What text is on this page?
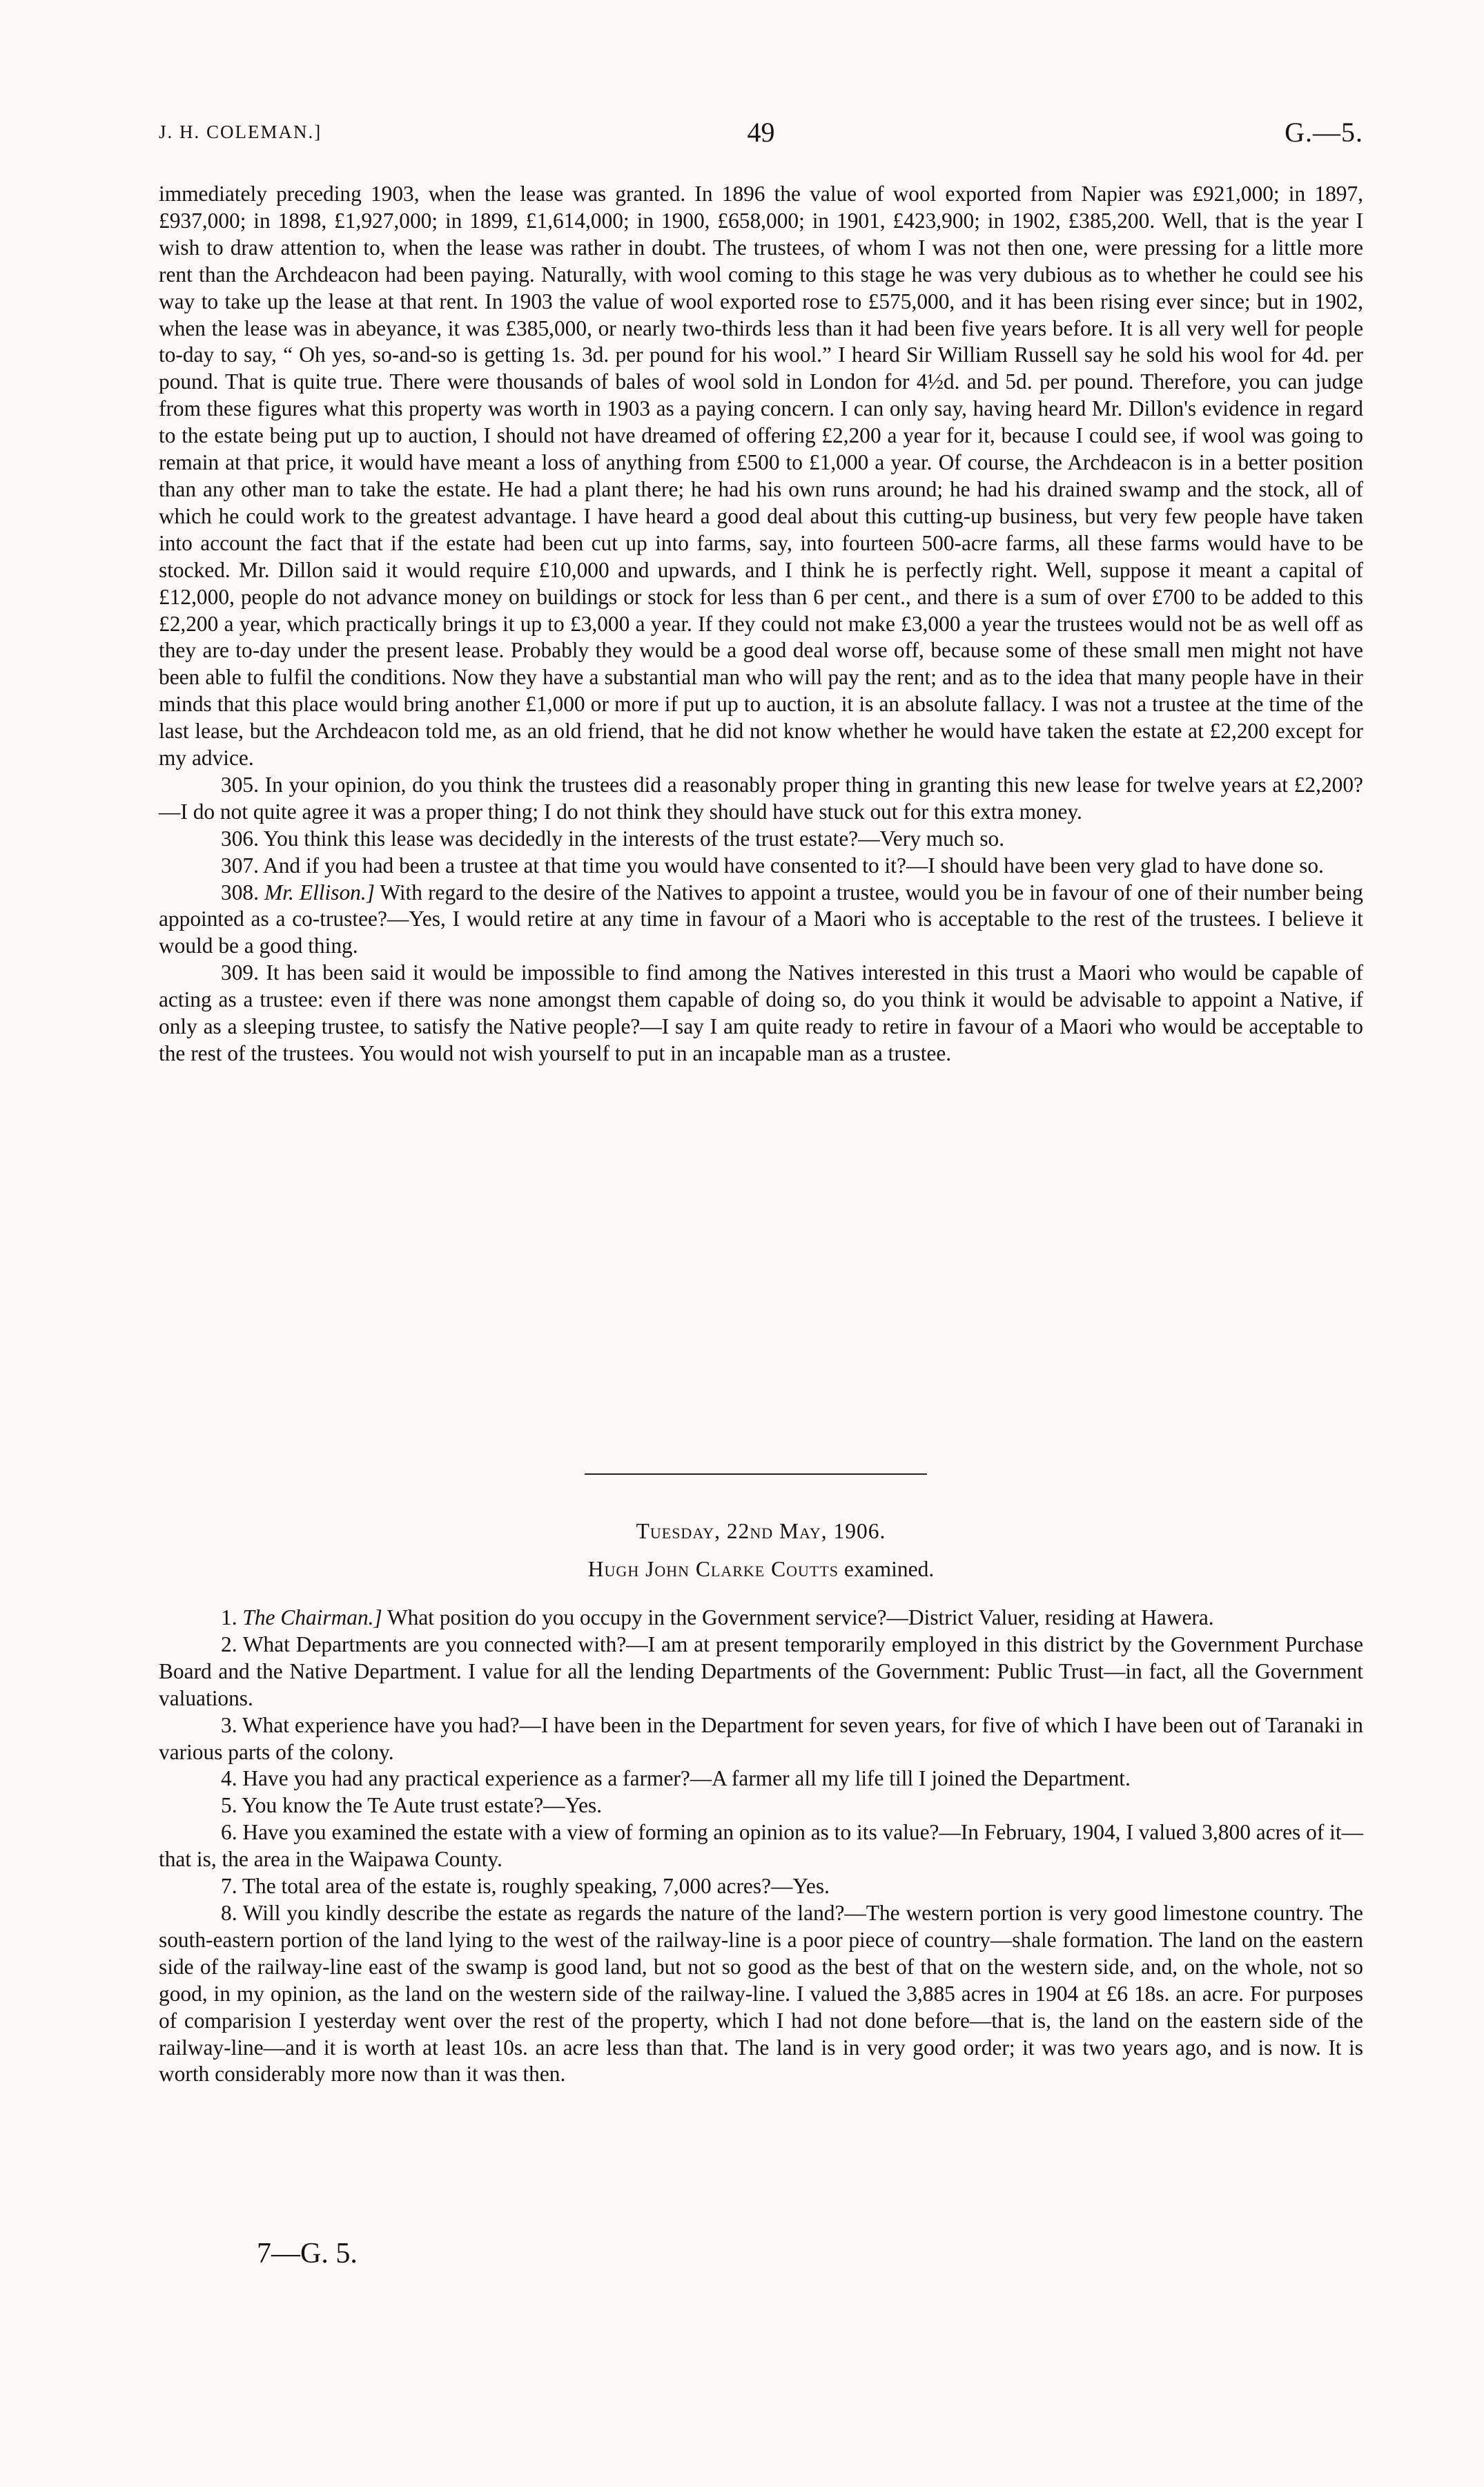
J. H. COLEMAN.]	49	G.—5.

immediately preceding 1903, when the lease was granted. In 1896 the value of wool exported from Napier was £921,000; in 1897, £937,000; in 1898, £1,927,000; in 1899, £1,614,000; in 1900, £658,000; in 1901, £423,900; in 1902, £385,200. Well, that is the year I wish to draw attention to, when the lease was rather in doubt. The trustees, of whom I was not then one, were pressing for a little more rent than the Archdeacon had been paying. Naturally, with wool coming to this stage he was very dubious as to whether he could see his way to take up the lease at that rent. In 1903 the value of wool exported rose to £575,000, and it has been rising ever since; but in 1902, when the lease was in abeyance, it was £385,000, or nearly two-thirds less than it had been five years before. It is all very well for people to-day to say, “ Oh yes, so-and-so is getting 1s. 3d. per pound for his wool.” I heard Sir William Russell say he sold his wool for 4d. per pound. That is quite true. There were thousands of bales of wool sold in London for 4½d. and 5d. per pound. Therefore, you can judge from these figures what this property was worth in 1903 as a paying concern. I can only say, having heard Mr. Dillon's evidence in regard to the estate being put up to auction, I should not have dreamed of offering £2,200 a year for it, because I could see, if wool was going to remain at that price, it would have meant a loss of anything from £500 to £1,000 a year. Of course, the Archdeacon is in a better position than any other man to take the estate. He had a plant there; he had his own runs around; he had his drained swamp and the stock, all of which he could work to the greatest advantage. I have heard a good deal about this cutting-up business, but very few people have taken into account the fact that if the estate had been cut up into farms, say, into fourteen 500-acre farms, all these farms would have to be stocked. Mr. Dillon said it would require £10,000 and upwards, and I think he is perfectly right. Well, suppose it meant a capital of £12,000, people do not advance money on buildings or stock for less than 6 per cent., and there is a sum of over £700 to be added to this £2,200 a year, which practically brings it up to £3,000 a year. If they could not make £3,000 a year the trustees would not be as well off as they are to-day under the present lease. Probably they would be a good deal worse off, because some of these small men might not have been able to fulfil the conditions. Now they have a substantial man who will pay the rent; and as to the idea that many people have in their minds that this place would bring another £1,000 or more if put up to auction, it is an absolute fallacy. I was not a trustee at the time of the last lease, but the Archdeacon told me, as an old friend, that he did not know whether he would have taken the estate at £2,200 except for my advice.

305. In your opinion, do you think the trustees did a reasonably proper thing in granting this new lease for twelve years at £2,200?—I do not quite agree it was a proper thing; I do not think they should have stuck out for this extra money.

306. You think this lease was decidedly in the interests of the trust estate?—Very much so.

307. And if you had been a trustee at that time you would have consented to it?—I should have been very glad to have done so.

308. Mr. Ellison.] With regard to the desire of the Natives to appoint a trustee, would you be in favour of one of their number being appointed as a co-trustee?—Yes, I would retire at any time in favour of a Maori who is acceptable to the rest of the trustees. I believe it would be a good thing.

309. It has been said it would be impossible to find among the Natives interested in this trust a Maori who would be capable of acting as a trustee: even if there was none amongst them capable of doing so, do you think it would be advisable to appoint a Native, if only as a sleeping trustee, to satisfy the Native people?—I say I am quite ready to retire in favour of a Maori who would be acceptable to the rest of the trustees. You would not wish yourself to put in an incapable man as a trustee.

Tuesday, 22nd May, 1906.
Hugh John Clarke Coutts examined.

1. The Chairman.] What position do you occupy in the Government service?—District Valuer, residing at Hawera.

2. What Departments are you connected with?—I am at present temporarily employed in this district by the Government Purchase Board and the Native Department. I value for all the lending Departments of the Government: Public Trust—in fact, all the Government valuations.

3. What experience have you had?—I have been in the Department for seven years, for five of which I have been out of Taranaki in various parts of the colony.

4. Have you had any practical experience as a farmer?—A farmer all my life till I joined the Department.

5. You know the Te Aute trust estate?—Yes.

6. Have you examined the estate with a view of forming an opinion as to its value?—In February, 1904, I valued 3,800 acres of it—that is, the area in the Waipawa County.

7. The total area of the estate is, roughly speaking, 7,000 acres?—Yes.

8. Will you kindly describe the estate as regards the nature of the land?—The western portion is very good limestone country. The south-eastern portion of the land lying to the west of the railway-line is a poor piece of country—shale formation. The land on the eastern side of the railway-line east of the swamp is good land, but not so good as the best of that on the western side, and, on the whole, not so good, in my opinion, as the land on the western side of the railway-line. I valued the 3,885 acres in 1904 at £6 18s. an acre. For purposes of comparision I yesterday went over the rest of the property, which I had not done before—that is, the land on the eastern side of the railway-line—and it is worth at least 10s. an acre less than that. The land is in very good order; it was two years ago, and is now. It is worth considerably more now than it was then.

7—G. 5.
